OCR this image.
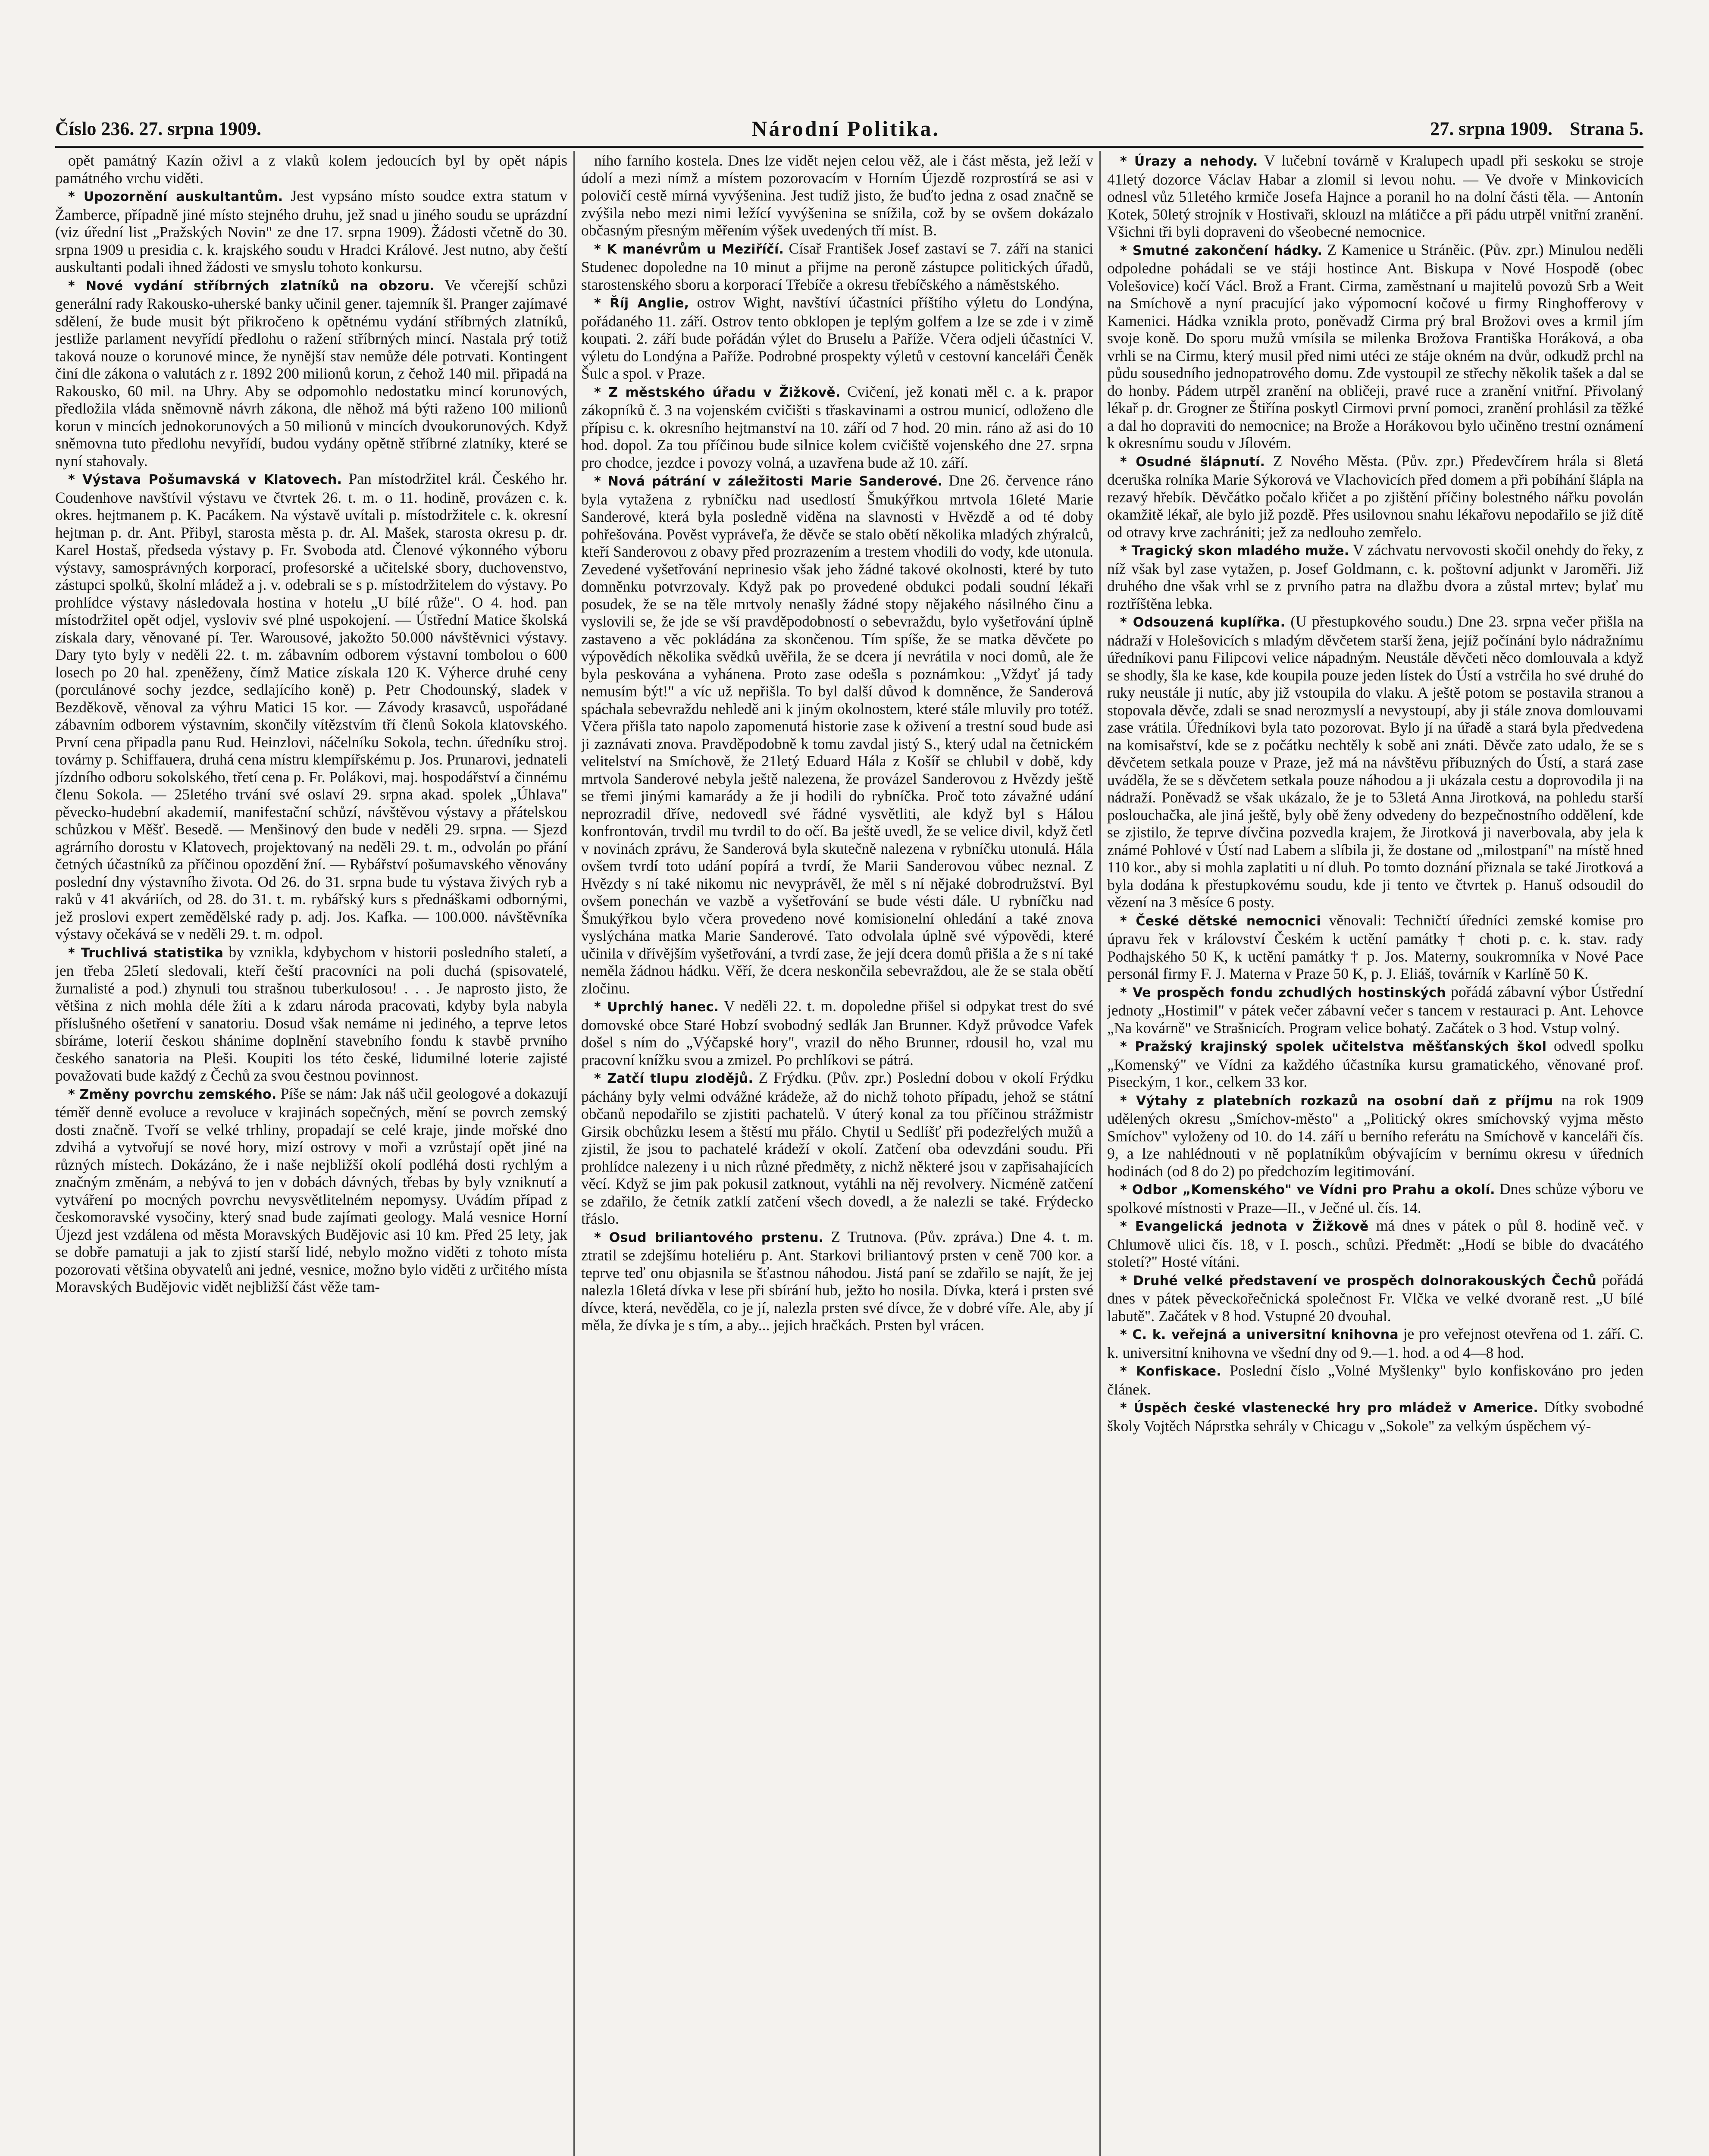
Číslo 236. 27. srpna 1909.	Národní Politika.	27. srpna 1909. Strana 5.

opět památný Kazín oživl a z vlaků kolem jedoucích byl by opět nápis památného vrchu viděti.

* Upozornění auskultantům. Jest vypsáno místo soudce extra statum v Žamberce, případně jiné místo stejného druhu, jež snad u jiného soudu se uprázdní (viz úřední list „Pražských Novin" ze dne 17. srpna 1909). Žádosti včetně do 30. srpna 1909 u presidia c. k. krajského soudu v Hradci Králové. Jest nutno, aby čeští auskultanti podali ihned žádosti ve smyslu tohoto konkursu.

* Nové vydání stříbrných zlatníků na obzoru. Ve včerejší schůzi generální rady Rakousko-uherské banky učinil gener. tajemník šl. Pranger zajímavé sdělení, že bude musit být přikročeno k opětnému vydání stříbrných zlatníků, jestliže parlament nevyřídí předlohu o ražení stříbrných mincí. Nastala prý totiž taková nouze o korunové mince, že nynější stav nemůže déle potrvati. Kontingent činí dle zákona o valutách z r. 1892 200 milionů korun, z čehož 140 mil. připadá na Rakousko, 60 mil. na Uhry. Aby se odpomohlo nedostatku mincí korunových, předložila vláda sněmovně návrh zákona, dle něhož má býti raženo 100 milionů korun v mincích jednokorunových a 50 milionů v mincích dvoukorunových. Když sněmovna tuto předlohu nevyřídí, budou vydány opětně stříbrné zlatníky, které se nyní stahovaly.

* Výstava Pošumavská v Klatovech. Pan místodržitel král. Českého hr. Coudenhove navštívil výstavu ve čtvrtek 26. t. m. o 11. hodině, provázen c. k. okres. hejtmanem p. K. Pacákem. Na výstavě uvítali p. místodržitele c. k. okresní hejtman p. dr. Ant. Přibyl, starosta města p. dr. Al. Mašek, starosta okresu p. dr. Karel Hostaš, předseda výstavy p. Fr. Svoboda atd. Členové výkonného výboru výstavy, samosprávných korporací, profesorské a učitelské sbory, duchovenstvo, zástupci spolků, školní mládež a j. v. odebrali se s p. místodržitelem do výstavy. Po prohlídce výstavy následovala hostina v hotelu „U bílé růže". O 4. hod. pan místodržitel opět odjel, vysloviv své plné uspokojení. — Ústřední Matice školská získala dary, věnované pí. Ter. Warousové, jakožto 50.000 návštěvnici výstavy. Dary tyto byly v neděli 22. t. m. zábavním odborem výstavní tombolou o 600 losech po 20 hal. zpeněženy, čímž Matice získala 120 K. Výherce druhé ceny (porculánové sochy jezdce, sedlajícího koně) p. Petr Chodounský, sladek v Bezděkově, věnoval za výhru Matici 15 kor. — Závody krasavců, uspořádané zábavním odborem výstavním, skončily vítězstvím tří členů Sokola klatovského. První cena připadla panu Rud. Heinzlovi, náčelníku Sokola, techn. úředníku stroj. továrny p. Schiffauera, druhá cena místru klempířskému p. Jos. Prunarovi, jednateli jízdního odboru sokolského, třetí cena p. Fr. Polákovi, maj. hospodářství a činnému členu Sokola. — 25letého trvání své oslaví 29. srpna akad. spolek „Úhlava" pěvecko-hudební akademií, manifestační schůzí, návštěvou výstavy a přátelskou schůzkou v Měšť. Besedě. — Menšinový den bude v neděli 29. srpna. — Sjezd agrárního dorostu v Klatovech, projektovaný na neděli 29. t. m., odvolán po přání četných účastníků za příčinou opozdění žní. — Rybářství pošumavského věnovány poslední dny výstavního života. Od 26. do 31. srpna bude tu výstava živých ryb a raků v 41 akváriích, od 28. do 31. t. m. rybářský kurs s přednáškami odbornými, jež proslovi expert zemědělské rady p. adj. Jos. Kafka. — 100.000. návštěvníka výstavy očekává se v neděli 29. t. m. odpol.

* Truchlivá statistika by vznikla, kdybychom v historii posledního staletí, a jen třeba 25letí sledovali, kteří čeští pracovníci na poli duchá (spisovatelé, žurnalisté a pod.) zhynuli tou strašnou tuberkulosou! . . . Je naprosto jisto, že většina z nich mohla déle žíti a k zdaru národa pracovati, kdyby byla nabyla příslušného ošetření v sanatoriu. Dosud však nemáme ni jediného, a teprve letos sbíráme, loterií českou shánime doplnění stavebního fondu k stavbě prvního českého sanatoria na Pleši. Koupiti los této české, lidumilné loterie zajisté považovati bude každý z Čechů za svou čestnou povinnost.

* Změny povrchu zemského. Píše se nám: Jak náš učil geologové a dokazují téměř denně evoluce a revoluce v krajinách sopečných, mění se povrch zemský dosti značně. Tvoří se velké trhliny, propadají se celé kraje, jinde mořské dno zdvihá a vytvořují se nové hory, mizí ostrovy v moři a vzrůstají opět jiné na různých místech. Dokázáno, že i naše nejbližší okolí podléhá dosti rychlým a značným změnám, a nebývá to jen v dobách dávných, třebas by byly vzniknutí a vytváření po mocných povrchu nevysvětlitelném nepomysy. Uvádím případ z českomoravské vysočiny, který snad bude zajímati geology. Malá vesnice Horní Újezd jest vzdálena od města Moravských Budějovic asi 10 km. Před 25 lety, jak se dobře pamatuji a jak to zjistí starší lidé, nebylo možno viděti z tohoto místa pozorovati většina obyvatelů ani jedné, vesnice, možno bylo viděti z určitého místa Moravských Budějovic vidět nejbližší část věže tam-

ního farního kostela. Dnes lze vidět nejen celou věž, ale i část města, jež leží v údolí a mezi nímž a místem pozorovacím v Horním Újezdě rozprostírá se asi v polovičí cestě mírná vyvýšenina. Jest tudíž jisto, že buďto jedna z osad značně se zvýšila nebo mezi nimi ležící vyvýšenina se snížila, což by se ovšem dokázalo občasným přesným měřením výšek uvedených tří míst. B.

* K manévrům u Meziříčí. Císař František Josef zastaví se 7. září na stanici Studenec dopoledne na 10 minut a přijme na peroně zástupce politických úřadů, starostenského sboru a korporací Třebíče a okresu třebíčského a náměstského.

* Říj Anglie, ostrov Wight, navštíví účastníci příštího výletu do Londýna, pořádaného 11. září. Ostrov tento obklopen je teplým golfem a lze se zde i v zimě koupati. 2. září bude pořádán výlet do Bruselu a Paříže. Včera odjeli účastníci V. výletu do Londýna a Paříže. Podrobné prospekty výletů v cestovní kanceláři Čeněk Šulc a spol. v Praze.

* Z městského úřadu v Žižkově. Cvičení, jež konati měl c. a k. prapor zákopníků č. 3 na vojenském cvičišti s třaskavinami a ostrou municí, odloženo dle přípisu c. k. okresního hejtmanství na 10. září od 7 hod. 20 min. ráno až asi do 10 hod. dopol. Za tou příčinou bude silnice kolem cvičiště vojenského dne 27. srpna pro chodce, jezdce i povozy volná, a uzavřena bude až 10. září.

* Nová pátrání v záležitosti Marie Sanderové. Dne 26. července ráno byla vytažena z rybníčku nad usedlostí Šmukýřkou mrtvola 16leté Marie Sanderové, která byla posledně viděna na slavnosti v Hvězdě a od té doby pohřešována. Pověst vypráveľa, že děvče se stalo obětí několika mladých zhýralců, kteří Sanderovou z obavy před prozrazením a trestem vhodili do vody, kde utonula. Zevedené vyšetřování neprinesio však jeho žádné takové okolnosti, které by tuto domněnku potvrzovaly. Když pak po provedené obdukci podali soudní lékaři posudek, že se na těle mrtvoly nenašly žádné stopy nějakého násilného činu a vyslovili se, že jde se vší pravděpodobností o sebevraždu, bylo vyšetřování úplně zastaveno a věc pokládána za skončenou. Tím spíše, že se matka děvčete po výpovědích několika svědků uvěřila, že se dcera jí nevrátila v noci domů, ale že byla peskována a vyhánena. Proto zase odešla s poznámkou: „Vždyť já tady nemusím být!" a víc už nepřišla. To byl další důvod k domněnce, že Sanderová spáchala sebevraždu nehledě ani k jiným okolnostem, které stále mluvily pro totéž. Včera přišla tato napolo zapomenutá historie zase k oživení a trestní soud bude asi ji zaznávati znova. Pravděpodobně k tomu zavdal jistý S., který udal na četnickém velitelství na Smíchově, že 21letý Eduard Hála z Košíř se chlubil v době, kdy mrtvola Sanderové nebyla ještě nalezena, že provázel Sanderovou z Hvězdy ještě se třemi jinými kamarády a že ji hodili do rybníčka. Proč toto závažné udání neprozradil dříve, nedovedl své řádné vysvětliti, ale když byl s Hálou konfrontován, trvdil mu tvrdil to do očí. Ba ještě uvedl, že se velice divil, když četl v novinách zprávu, že Sanderová byla skutečně nalezena v rybníčku utonulá. Hála ovšem tvrdí toto udání popírá a tvrdí, že Marii Sanderovou vůbec neznal. Z Hvězdy s ní také nikomu nic nevyprávěl, že měl s ní nějaké dobrodružství. Byl ovšem ponechán ve vazbě a vyšetřování se bude vésti dále. U rybníčku nad Šmukýřkou bylo včera provedeno nové komisionelní ohledání a také znova vyslýchána matka Marie Sanderové. Tato odvolala úplně své výpovědi, které učinila v dřívějším vyšetřování, a tvrdí zase, že její dcera domů přišla a že s ní také neměla žádnou hádku. Věří, že dcera neskončila sebevraždou, ale že se stala obětí zločinu.

* Uprchlý hanec. V neděli 22. t. m. dopoledne přišel si odpykat trest do své domovské obce Staré Hobzí svobodný sedlák Jan Brunner. Když průvodce Vafek došel s ním do „Výčapské hory", vrazil do něho Brunner, rdousil ho, vzal mu pracovní knížku svou a zmizel. Po prchlíkovi se pátrá.

* Zatčí tlupu zlodějů. Z Frýdku. (Pův. zpr.) Poslední dobou v okolí Frýdku páchány byly velmi odvážné krádeže, až do nichž tohoto případu, jehož se státní občanů nepodařilo se zjistiti pachatelů. V úterý konal za tou příčinou strážmistr Girsik obchůzku lesem a štěstí mu přálo. Chytil u Sedlíšť při podezřelých mužů a zjistil, že jsou to pachatelé krádeží v okolí. Zatčení oba odevzdáni soudu. Při prohlídce nalezeny i u nich různé předměty, z nichž některé jsou v zapřisahajících věcí. Když se jim pak pokusil zatknout, vytáhli na něj revolvery. Nicméně zatčení se zdařilo, že četník zatklí zatčení všech dovedl, a že nalezli se také. Frýdecko třáslo.

* Osud briliantového prstenu. Z Trutnova. (Pův. zpráva.) Dne 4. t. m. ztratil se zdejšímu hoteliéru p. Ant. Starkovi briliantový prsten v ceně 700 kor. a teprve teď onu objasnila se šťastnou náhodou. Jistá paní se zdařilo se najít, že jej nalezla 16letá dívka v lese při sbírání hub, ježto ho nosila. Dívka, která i prsten své dívce, která, nevěděla, co je jí, nalezla prsten své dívce, že v dobré víře. Ale, aby jí měla, že dívka je s tím, a aby... jejich hračkách. Prsten byl vrácen.

* Úrazy a nehody. V lučební továrně v Kralupech upadl při seskoku se stroje 41letý dozorce Václav Habar a zlomil si levou nohu. — Ve dvoře v Minkovicích odnesl vůz 51letého krmiče Josefa Hajnce a poranil ho na dolní části těla. — Antonín Kotek, 50letý strojník v Hostivaři, sklouzl na mlátičce a při pádu utrpěl vnitřní zranění. Všichni tři byli dopraveni do všeobecné nemocnice.

* Smutné zakončení hádky. Z Kamenice u Stráněic. (Pův. zpr.) Minulou neděli odpoledne pohádali se ve stáji hostince Ant. Biskupa v Nové Hospodě (obec Volešovice) kočí Václ. Brož a Frant. Cirma, zaměstnaní u majitelů povozů Srb a Weit na Smíchově a nyní pracující jako výpomocní kočové u firmy Ringhofferovy v Kamenici. Hádka vznikla proto, poněvadž Cirma prý bral Brožovi oves a krmil jím svoje koně. Do sporu mužů vmísila se milenka Brožova Františka Horáková, a oba vrhli se na Cirmu, který musil před nimi utéci ze stáje okném na dvůr, odkudž prchl na půdu sousedního jednopatrového domu. Zde vystoupil ze střechy několik tašek a dal se do honby. Pádem utrpěl zranění na obličeji, pravé ruce a zranění vnitřní. Přivolaný lékař p. dr. Grogner ze Štiřína poskytl Cirmovi první pomoci, zranění prohlásil za těžké a dal ho dopraviti do nemocnice; na Brože a Horákovou bylo učiněno trestní oznámení k okresnímu soudu v Jílovém.

* Osudné šlápnutí. Z Nového Města. (Pův. zpr.) Předevčírem hrála si 8letá dceruška rolníka Marie Sýkorová ve Vlachovicích před domem a při pobíhání šlápla na rezavý hřebík. Děvčátko počalo křičet a po zjištění příčiny bolestného nářku povolán okamžitě lékař, ale bylo již pozdě. Přes usilovnou snahu lékařovu nepodařilo se již dítě od otravy krve zachrániti; jež za nedlouho zemřelo.

* Tragický skon mladého muže. V záchvatu nervovosti skočil onehdy do řeky, z níž však byl zase vytažen, p. Josef Goldmann, c. k. poštovní adjunkt v Jaroměři. Již druhého dne však vrhl se z prvního patra na dlažbu dvora a zůstal mrtev; bylať mu roztříštěna lebka.

* Odsouzená kuplířka. (U přestupkového soudu.) Dne 23. srpna večer přišla na nádraží v Holešovicích s mladým děvčetem starší žena, jejíž počínání bylo nádražnímu úředníkovi panu Filipcovi velice nápadným. Neustále děvčeti něco domlouvala a když se shodly, šla ke kase, kde koupila pouze jeden lístek do Ústí a vstrčila ho své druhé do ruky neustále ji nutíc, aby již vstoupila do vlaku. A ještě potom se postavila stranou a stopovala děvče, zdali se snad nerozmyslí a nevystoupí, aby ji stále znova domlouvami zase vrátila. Úředníkovi byla tato pozorovat. Bylo jí na úřadě a stará byla předvedena na komisařství, kde se z počátku nechtěly k sobě ani znáti. Děvče zato udalo, že se s děvčetem setkala pouze v Praze, jež má na návštěvu příbuzných do Ústí, a stará zase uváděla, že se s děvčetem setkala pouze náhodou a ji ukázala cestu a doprovodila ji na nádraží. Poněvadž se však ukázalo, že je to 53letá Anna Jirotková, na pohledu starší poslouchačka, ale jiná ještě, byly obě ženy odvedeny do bezpečnostního oddělení, kde se zjistilo, že teprve dívčina pozvedla krajem, že Jirotková ji naverbovala, aby jela k známé Pohlové v Ústí nad Labem a slíbila ji, že dostane od „milostpaní" na místě hned 110 kor., aby si mohla zaplatiti u ní dluh. Po tomto doznání přiznala se také Jirotková a byla dodána k přestupkovému soudu, kde ji tento ve čtvrtek p. Hanuš odsoudil do vězení na 3 měsíce 6 posty.

* České dětské nemocnici věnovali: Techničtí úředníci zemské komise pro úpravu řek v království Českém k uctění památky † choti p. c. k. stav. rady Podhajského 50 K, k uctění památky † p. Jos. Materny, soukromníka v Nové Pace personál firmy F. J. Materna v Praze 50 K, p. J. Eliáš, továrník v Karlíně 50 K.

* Ve prospěch fondu zchudlých hostinských pořádá zábavní výbor Ústřední jednoty „Hostimil" v pátek večer zábavní večer s tancem v restauraci p. Ant. Lehovce „Na kovárně" ve Strašnicích. Program velice bohatý. Začátek o 3 hod. Vstup volný.

* Pražský krajinský spolek učitelstva měšťanských škol odvedl spolku „Komenský" ve Vídni za každého účastníka kursu gramatického, věnované prof. Piseckým, 1 kor., celkem 33 kor.

* Výtahy z platebních rozkazů na osobní daň z příjmu na rok 1909 udělených okresu „Smíchov-město" a „Politický okres smíchovský vyjma město Smíchov" vyloženy od 10. do 14. září u berního referátu na Smíchově v kanceláři čís. 9, a lze nahlédnouti v ně poplatníkům obývajícím v bernímu okresu v úředních hodinách (od 8 do 2) po předchozím legitimování.

* Odbor „Komenského" ve Vídni pro Prahu a okolí. Dnes schůze výboru ve spolkové místnosti v Praze—II., v Ječné ul. čís. 14.

* Evangelická jednota v Žižkově má dnes v pátek o půl 8. hodině več. v Chlumově ulici čís. 18, v I. posch., schůzi. Předmět: „Hodí se bible do dvacátého století?" Hosté vítáni.

* Druhé velké představení ve prospěch dolnorakouských Čechů pořádá dnes v pátek pěveckořečnická společnost Fr. Vlčka ve velké dvoraně rest. „U bílé labutě". Začátek v 8 hod. Vstupné 20 dvouhal.

* C. k. veřejná a universitní knihovna je pro veřejnost otevřena od 1. září. C. k. universitní knihovna ve všední dny od 9.—1. hod. a od 4—8 hod.

* Konfiskace. Poslední číslo „Volné Myšlenky" bylo konfiskováno pro jeden článek.

* Úspěch české vlastenecké hry pro mládež v Americe. Dítky svobodné školy Vojtěch Náprstka sehrály v Chicagu v „Sokole" za velkým úspěchem vý-
